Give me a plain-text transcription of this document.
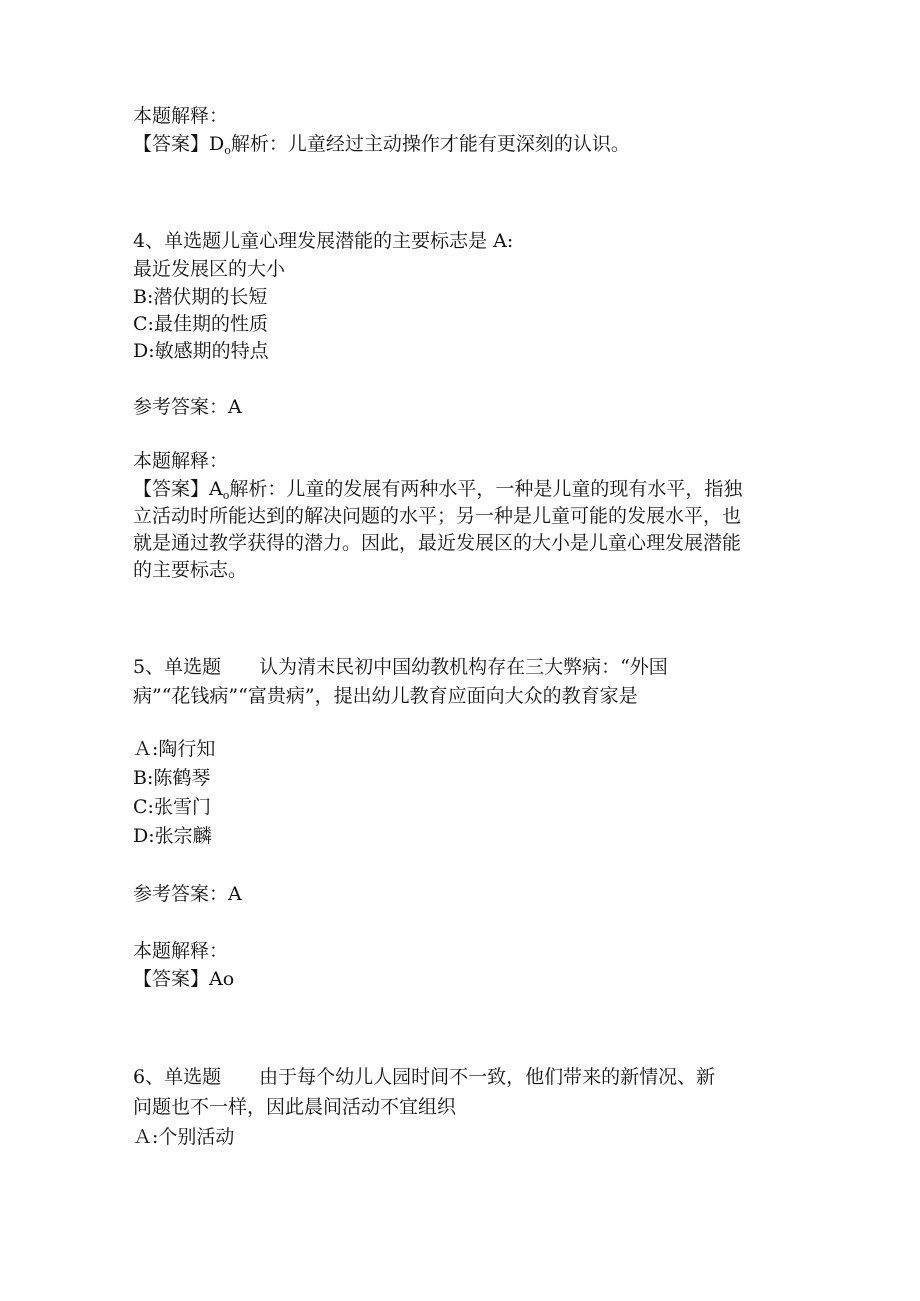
本题解释：
【答案】$D_o$解析：儿童经过主动操作才能有更深刻的认识。
4、单选题儿童心理发展潜能的主要标志是 A:
最近发展区的大小
B:潜伏期的长短
C:最佳期的性质
D:敏感期的特点
参考答案：A
本题解释：
【答案】$A_o$解析：儿童的发展有两种水平，一种是儿童的现有水平，指独
立活动时所能达到的解决问题的水平；另一种是儿童可能的发展水平，也
就是通过教学获得的潜力。因此，最近发展区的大小是儿童心理发展潜能
的主要标志。
5、单选题　　认为清末民初中国幼教机构存在三大弊病：“外国
病”“花钱病”“富贵病”，提出幼儿教育应面向大众的教育家是
Ａ:陶行知
B:陈鹤琴
C:张雪门
D:张宗麟
参考答案：A
本题解释：
【答案】Ao
6、单选题　　由于每个幼儿人园时间不一致，他们带来的新情况、新
问题也不一样，因此晨间活动不宜组织
Ａ:个别活动
